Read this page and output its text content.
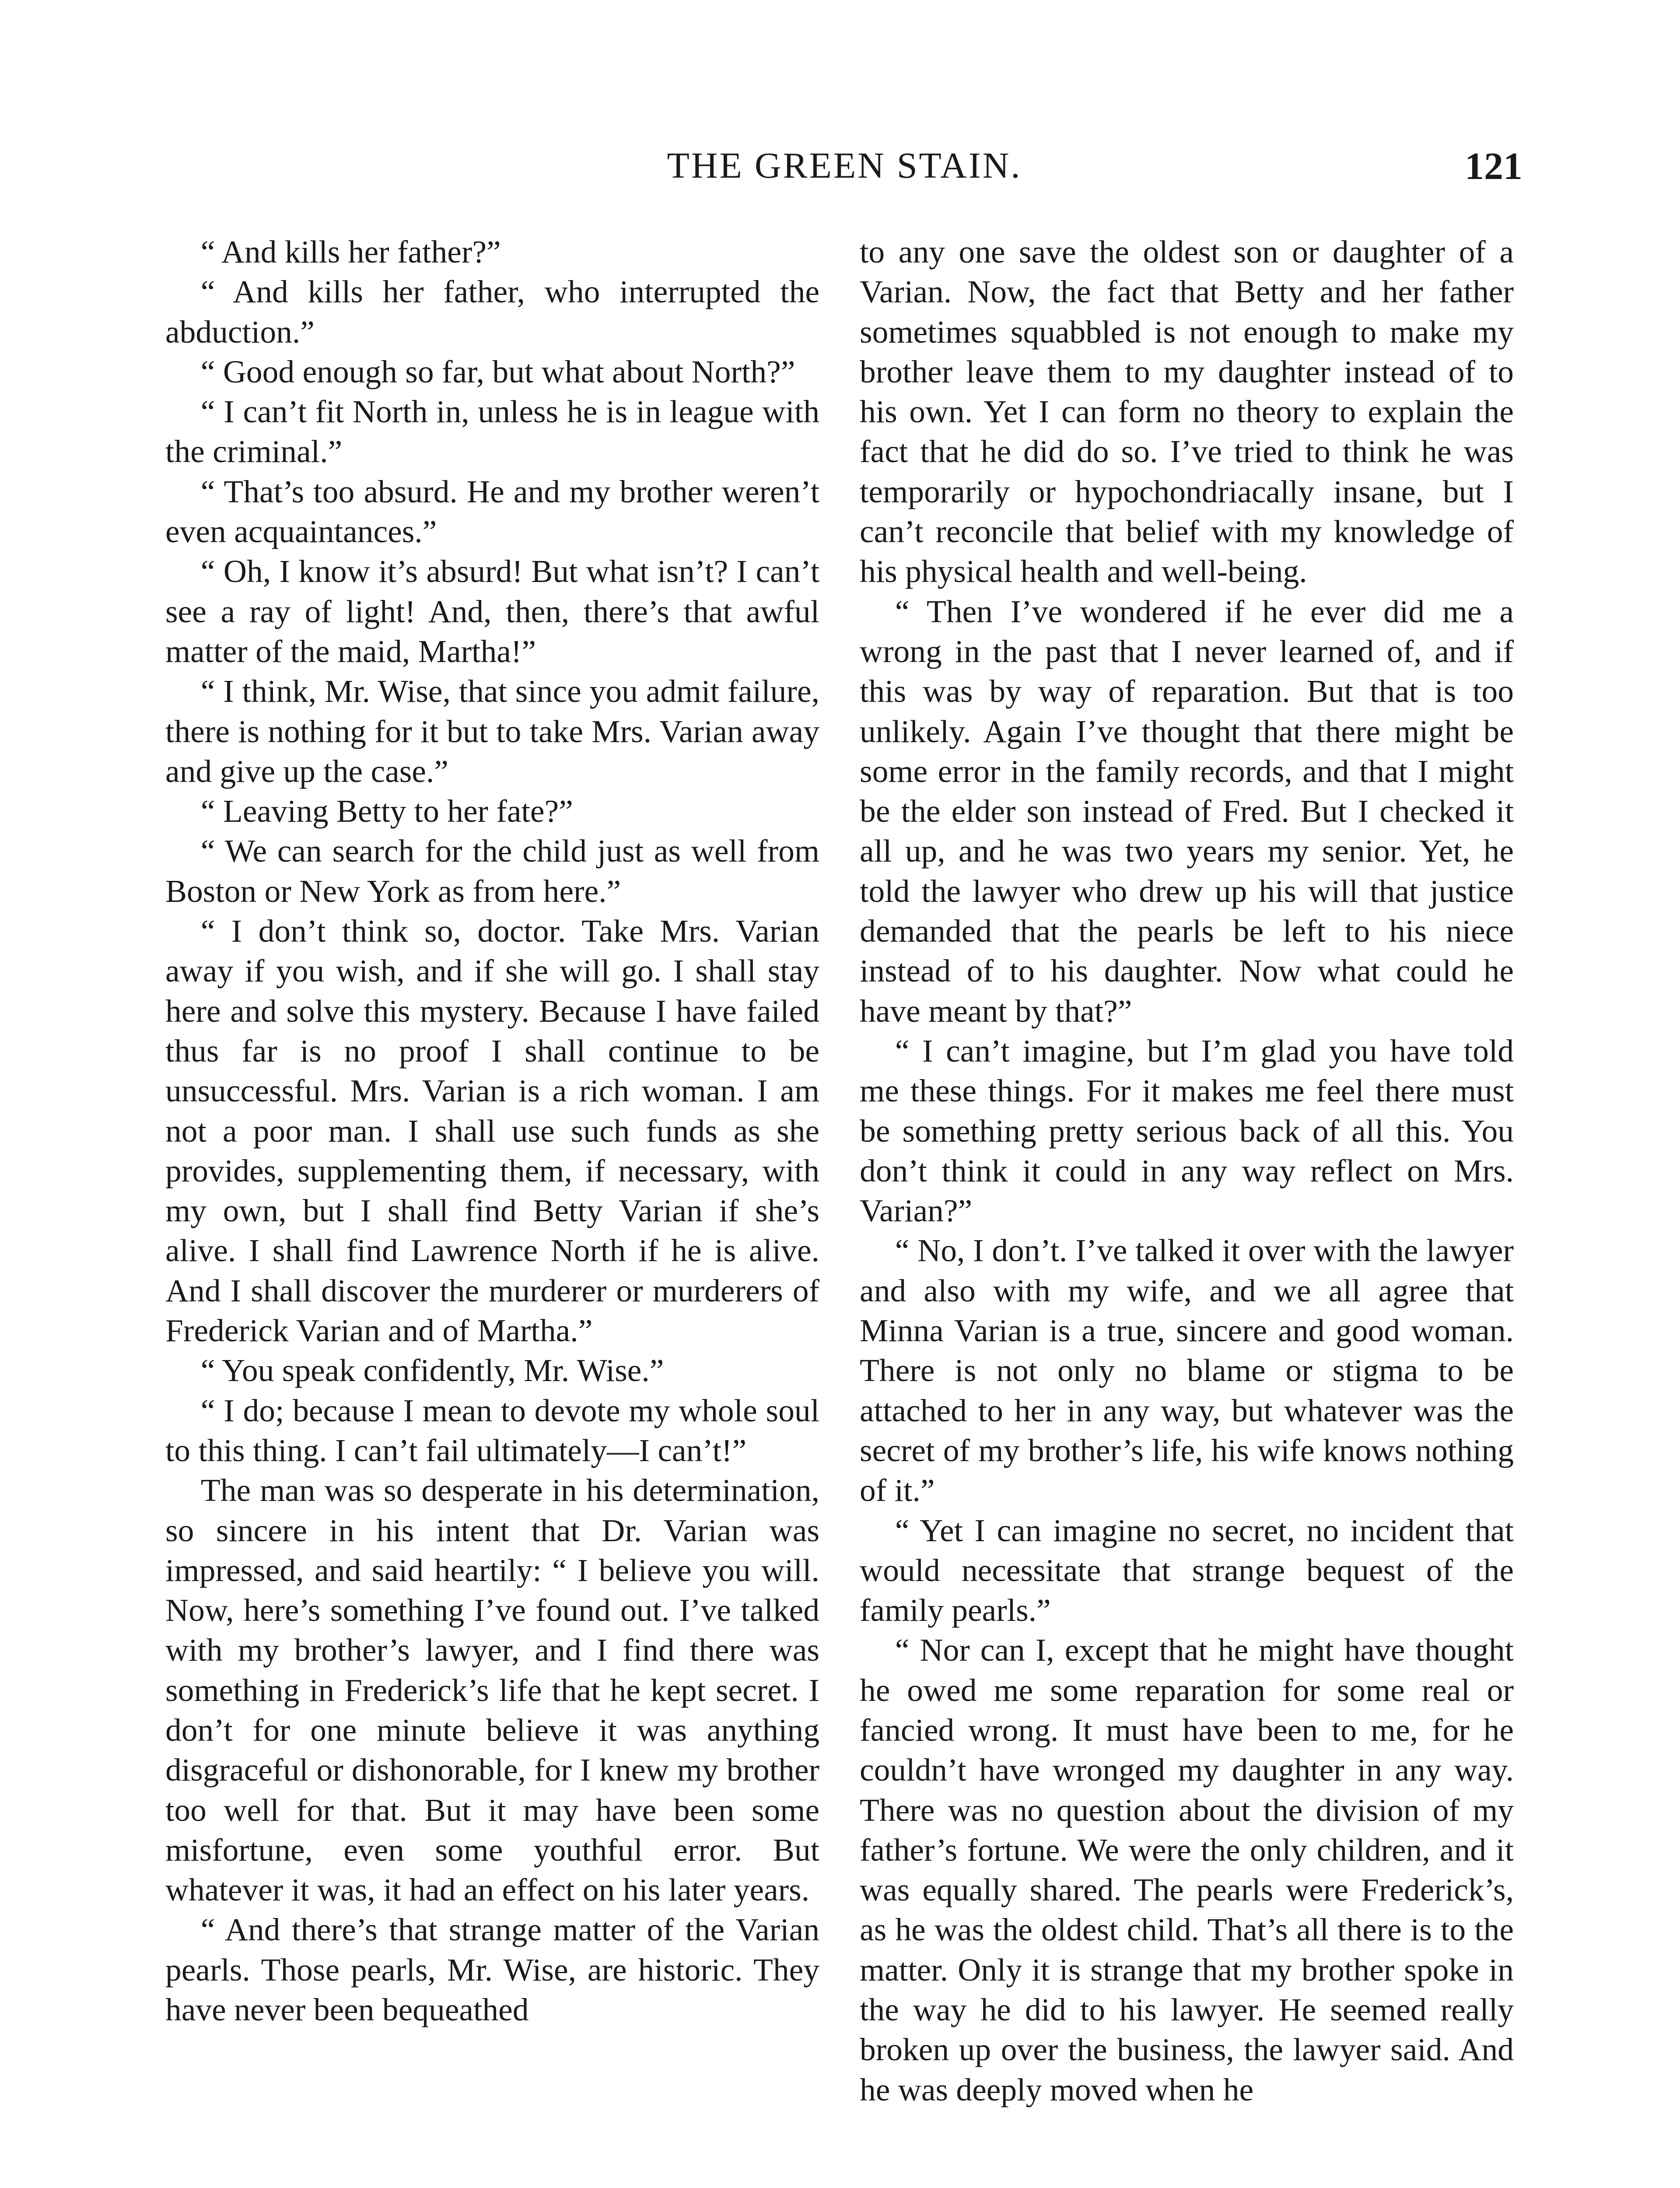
THE GREEN STAIN.	121

“ And kills her father?”

“ And kills her father, who interrupted the abduction.”

“ Good enough so far, but what about North?”

“ I can’t fit North in, unless he is in league with the criminal.”

“ That’s too absurd. He and my brother weren’t even acquaintances.”

“ Oh, I know it’s absurd! But what isn’t? I can’t see a ray of light! And, then, there’s that awful matter of the maid, Martha!”

“ I think, Mr. Wise, that since you admit failure, there is nothing for it but to take Mrs. Varian away and give up the case.”

“ Leaving Betty to her fate?”

“ We can search for the child just as well from Boston or New York as from here.”

“ I don’t think so, doctor. Take Mrs. Varian away if you wish, and if she will go. I shall stay here and solve this mystery. Because I have failed thus far is no proof I shall continue to be unsuccessful. Mrs. Varian is a rich woman. I am not a poor man. I shall use such funds as she provides, supplementing them, if necessary, with my own, but I shall find Betty Varian if she’s alive. I shall find Lawrence North if he is alive. And I shall discover the murderer or murderers of Frederick Varian and of Martha.”

“ You speak confidently, Mr. Wise.”

“ I do; because I mean to devote my whole soul to this thing. I can’t fail ultimately—I can’t!”

The man was so desperate in his determination, so sincere in his intent that Dr. Varian was impressed, and said heartily: “ I believe you will. Now, here’s something I’ve found out. I’ve talked with my brother’s lawyer, and I find there was something in Frederick’s life that he kept secret. I don’t for one minute believe it was anything disgraceful or dishonorable, for I knew my brother too well for that. But it may have been some misfortune, even some youthful error. But whatever it was, it had an effect on his later years.

“ And there’s that strange matter of the Varian pearls. Those pearls, Mr. Wise, are historic. They have never been bequeathed

to any one save the oldest son or daughter of a Varian. Now, the fact that Betty and her father sometimes squabbled is not enough to make my brother leave them to my daughter instead of to his own. Yet I can form no theory to explain the fact that he did do so. I’ve tried to think he was temporarily or hypochondriacally insane, but I can’t reconcile that belief with my knowledge of his physical health and well-being.

“ Then I’ve wondered if he ever did me a wrong in the past that I never learned of, and if this was by way of reparation. But that is too unlikely. Again I’ve thought that there might be some error in the family records, and that I might be the elder son instead of Fred. But I checked it all up, and he was two years my senior. Yet, he told the lawyer who drew up his will that justice demanded that the pearls be left to his niece instead of to his daughter. Now what could he have meant by that?”

“ I can’t imagine, but I’m glad you have told me these things. For it makes me feel there must be something pretty serious back of all this. You don’t think it could in any way reflect on Mrs. Varian?”

“ No, I don’t. I’ve talked it over with the lawyer and also with my wife, and we all agree that Minna Varian is a true, sincere and good woman. There is not only no blame or stigma to be attached to her in any way, but whatever was the secret of my brother’s life, his wife knows nothing of it.”

“ Yet I can imagine no secret, no incident that would necessitate that strange bequest of the family pearls.”

“ Nor can I, except that he might have thought he owed me some reparation for some real or fancied wrong. It must have been to me, for he couldn’t have wronged my daughter in any way. There was no question about the division of my father’s fortune. We were the only children, and it was equally shared. The pearls were Frederick’s, as he was the oldest child. That’s all there is to the matter. Only it is strange that my brother spoke in the way he did to his lawyer. He seemed really broken up over the business, the lawyer said. And he was deeply moved when he
